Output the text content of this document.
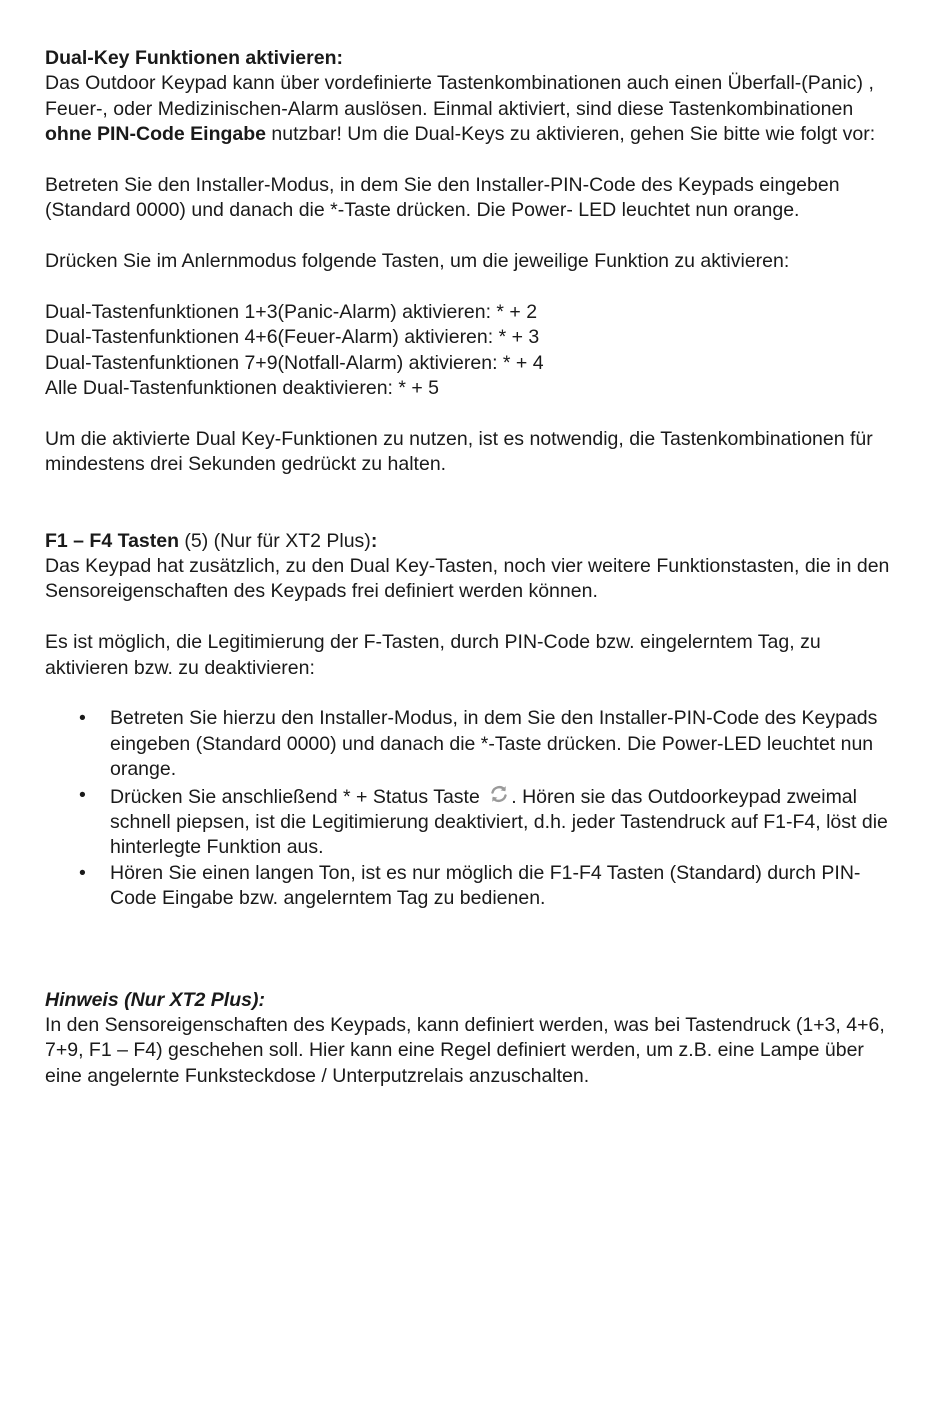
Dual-Key Funktionen aktivieren:

Das Outdoor Keypad kann über vordefinierte Tastenkombinationen auch einen Überfall-(Panic) , Feuer-, oder Medizinischen-Alarm auslösen. Einmal aktiviert, sind diese Tastenkombinationen ohne PIN-Code Eingabe nutzbar! Um die Dual-Keys zu aktivieren, gehen Sie bitte wie folgt vor:

Betreten Sie den Installer-Modus, in dem Sie den Installer-PIN-Code des Keypads eingeben (Standard 0000) und danach die *-Taste drücken. Die Power- LED leuchtet nun orange.

Drücken Sie im Anlernmodus folgende Tasten, um die jeweilige Funktion zu aktivieren:

Dual-Tastenfunktionen 1+3(Panic-Alarm) aktivieren: * + 2

Dual-Tastenfunktionen 4+6(Feuer-Alarm) aktivieren: * + 3

Dual-Tastenfunktionen 7+9(Notfall-Alarm) aktivieren: * + 4

Alle Dual-Tastenfunktionen deaktivieren: * + 5

Um die aktivierte Dual Key-Funktionen zu nutzen, ist es notwendig, die Tastenkombinationen für mindestens drei Sekunden gedrückt zu halten.

F1 – F4 Tasten (5) (Nur für XT2 Plus):

Das Keypad hat zusätzlich, zu den Dual Key-Tasten, noch vier weitere Funktionstasten, die in den Sensoreigenschaften des Keypads frei definiert werden können.

Es ist möglich, die Legitimierung der F-Tasten, durch PIN-Code bzw. eingelerntem Tag, zu aktivieren bzw. zu deaktivieren:

• Betreten Sie hierzu den Installer-Modus, in dem Sie den Installer-PIN-Code des Keypads eingeben (Standard 0000) und danach die *-Taste drücken. Die Power-LED leuchtet nun orange.
• Drücken Sie anschließend * + Status Taste . Hören sie das Outdoorkeypad zweimal schnell piepsen, ist die Legitimierung deaktiviert, d.h. jeder Tastendruck auf F1-F4, löst die hinterlegte Funktion aus.
• Hören Sie einen langen Ton, ist es nur möglich die F1-F4 Tasten (Standard) durch PIN-Code Eingabe bzw. angelerntem Tag zu bedienen.

Hinweis (Nur XT2 Plus):

In den Sensoreigenschaften des Keypads, kann definiert werden, was bei Tastendruck (1+3, 4+6, 7+9, F1 – F4) geschehen soll. Hier kann eine Regel definiert werden, um z.B. eine Lampe über eine angelernte Funksteckdose / Unterputzrelais anzuschalten.
